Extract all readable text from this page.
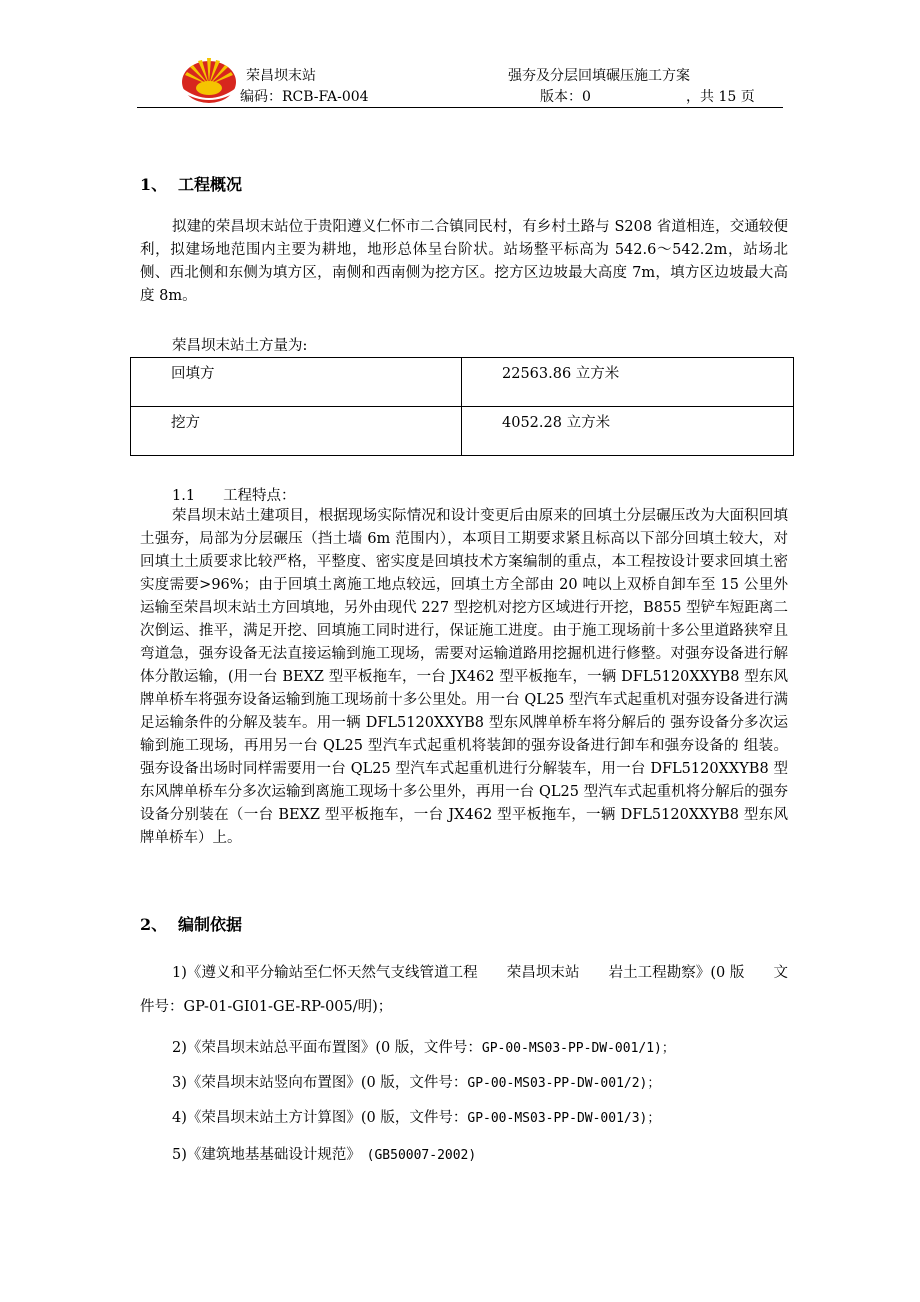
荣昌坝末站
编码：RCB-FA-004
强夯及分层回填碾压施工方案
版本：0	，共 15 页
1、 工程概况
拟建的荣昌坝末站位于贵阳遵义仁怀市二合镇同民村，有乡村土路与 S208 省道相连，交通较便利，拟建场地范围内主要为耕地，地形总体呈台阶状。站场整平标高为 542.6～542.2m，站场北侧、西北侧和东侧为填方区，南侧和西南侧为挖方区。挖方区边坡最大高度 7m，填方区边坡最大高度 8m。
荣昌坝末站土方量为:
回填方	22563.86 立方米
挖方	4052.28 立方米
1.1 工程特点：
荣昌坝末站土建项目，根据现场实际情况和设计变更后由原来的回填土分层碾压改为大面积回填土强夯，局部为分层碾压（挡土墙 6m 范围内），本项目工期要求紧且标高以下部分回填土较大，对回填土土质要求比较严格，平整度、密实度是回填技术方案编制的重点，本工程按设计要求回填土密实度需要>96%；由于回填土离施工地点较远，回填土方全部由 20 吨以上双桥自卸车至 15 公里外运输至荣昌坝末站土方回填地，另外由现代 227 型挖机对挖方区域进行开挖，B855 型铲车短距离二次倒运、推平，满足开挖、回填施工同时进行，保证施工进度。由于施工现场前十多公里道路狭窄且弯道急，强夯设备无法直接运输到施工现场，需要对运输道路用挖掘机进行修整。对强夯设备进行解体分散运输，(用一台 BEXZ 型平板拖车，一台 JX462 型平板拖车，一辆 DFL5120XXYB8 型东风牌单桥车将强夯设备运输到施工现场前十多公里处。用一台 QL25 型汽车式起重机对强夯设备进行满足运输条件的分解及装车。用一辆 DFL5120XXYB8 型东风牌单桥车将分解后的 强夯设备分多次运输到施工现场，再用另一台 QL25 型汽车式起重机将装卸的强夯设备进行卸车和强夯设备的 组装。强夯设备出场时同样需要用一台 QL25 型汽车式起重机进行分解装车，用一台 DFL5120XXYB8 型东风牌单桥车分多次运输到离施工现场十多公里外，再用一台 QL25 型汽车式起重机将分解后的强夯设备分别装在（一台 BEXZ 型平板拖车，一台 JX462 型平板拖车，一辆 DFL5120XXYB8 型东风牌单桥车）上。
2、 编制依据
1)《遵义和平分输站至仁怀天然气支线管道工程　　荣昌坝末站　　岩土工程勘察》(0 版　　文件号：GP-01-GI01-GE-RP-005/明)；
2)《荣昌坝末站总平面布置图》(0 版，文件号：GP-00-MS03-PP-DW-001/1)；
3)《荣昌坝末站竖向布置图》(0 版，文件号：GP-00-MS03-PP-DW-001/2)；
4)《荣昌坝末站土方计算图》(0 版，文件号：GP-00-MS03-PP-DW-001/3)；
5)《建筑地基基础设计规范》　(GB50007-2002)
